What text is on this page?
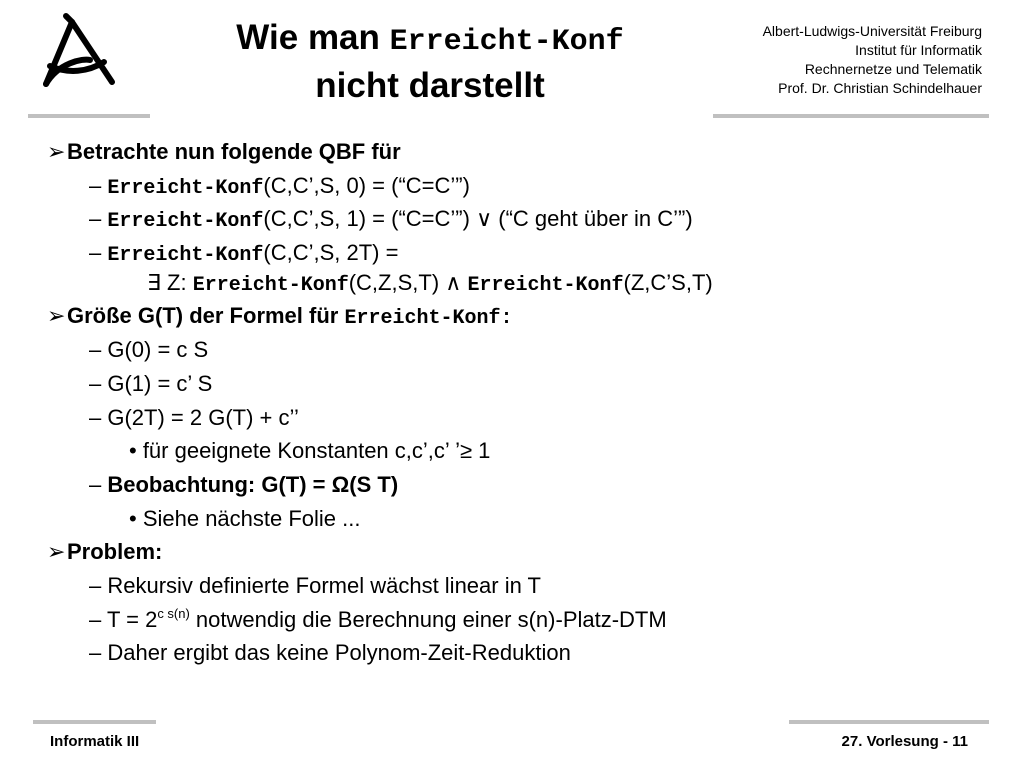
Wie man Erreicht-Konf
nicht darstellt
Albert-Ludwigs-Universität Freiburg
Institut für Informatik
Rechnernetze und Telematik
Prof. Dr. Christian Schindelhauer
➢ Betrachte nun folgende QBF für
– Erreicht-Konf(C,C’,S, 0) = (“C=C’”)
– Erreicht-Konf(C,C’,S, 1) = (“C=C’”) ∨ (“C geht über in C’”)
– Erreicht-Konf(C,C’,S, 2T) =
∃ Z: Erreicht-Konf(C,Z,S,T) ∧ Erreicht-Konf(Z,C’S,T)
➢ Größe G(T) der Formel für Erreicht-Konf:
– G(0) = c S
– G(1) = c’ S
– G(2T) = 2 G(T) + c’’
• für geeignete Konstanten c,c’,c’ ’≥ 1
– Beobachtung: G(T) = Ω(S T)
• Siehe nächste Folie ...
➢ Problem:
– Rekursiv definierte Formel wächst linear in T
– $T = 2^{c s(n)}$ notwendig die Berechnung einer s(n)-Platz-DTM
– Daher ergibt das keine Polynom-Zeit-Reduktion
Informatik III	27. Vorlesung - 11
